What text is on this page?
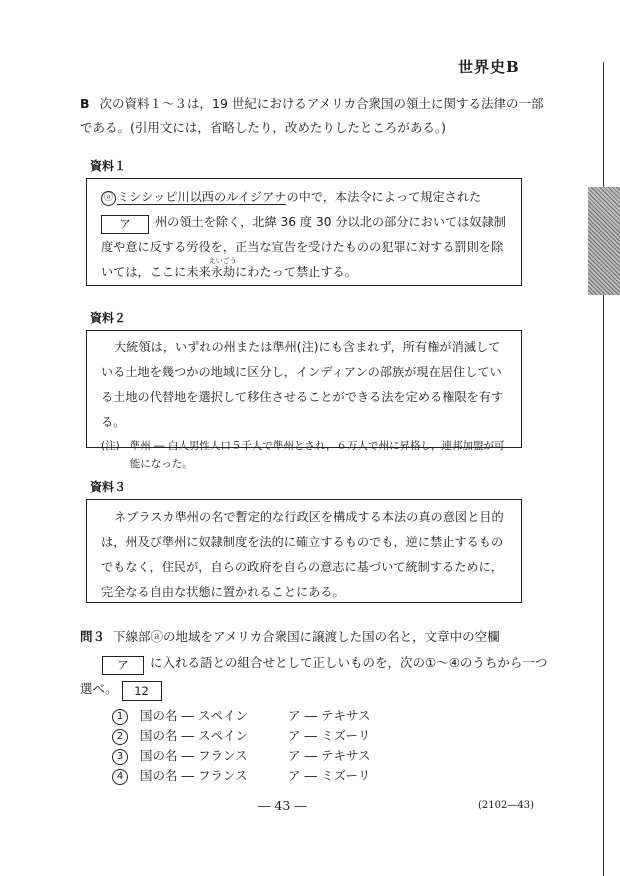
世界史B
B 次の資料１～３は，19 世紀におけるアメリカ合衆国の領土に関する法律の一部である。(引用文には，省略したり，改めたりしたところがある。)
資料１

ⓐ ミシシッピ川以西のルイジアナの中で，本法令によって規定された
ア 州の領土を除く，北緯 36 度 30 分以北の部分においては奴隷制度や意に反する労役を，正当な宣告を受けたものの犯罪に対する罰則を除いては，ここに未来
えいごう
永劫にわたって禁止する。

資料２

大統領は，いずれの州または準州(注)にも含まれず，所有権が消滅している土地を幾つかの地域に区分し，インディアンの部族が現在居住している土地の代替地を選択して移住させることができる法を定める権限を有する。

(注) 準州 ― 白人男性人口５千人で準州とされ，６万人で州に昇格し，連邦加盟が可能になった。
資料３

ネブラスカ準州の名で暫定的な行政区を構成する本法の真の意図と目的は，州及び準州に奴隷制度を法的に確立するものでも，逆に禁止するものでもなく，住民が，自らの政府を自らの意志に基づいて統制するために，完全なる自由な状態に置かれることにある。

問３ 下線部ⓐの地域をアメリカ合衆国に譲渡した国の名と，文章中の空欄
ア に入れる語との組合せとして正しいものを，次の①～④のうちから一つ選べ。 12
1	国の名 ― スペイン	ア ― テキサス
2	国の名 ― スペイン	ア ― ミズーリ
3	国の名 ― フランス	ア ― テキサス
4	国の名 ― フランス	ア ― ミズーリ
― 43 ―	(2102―43)
